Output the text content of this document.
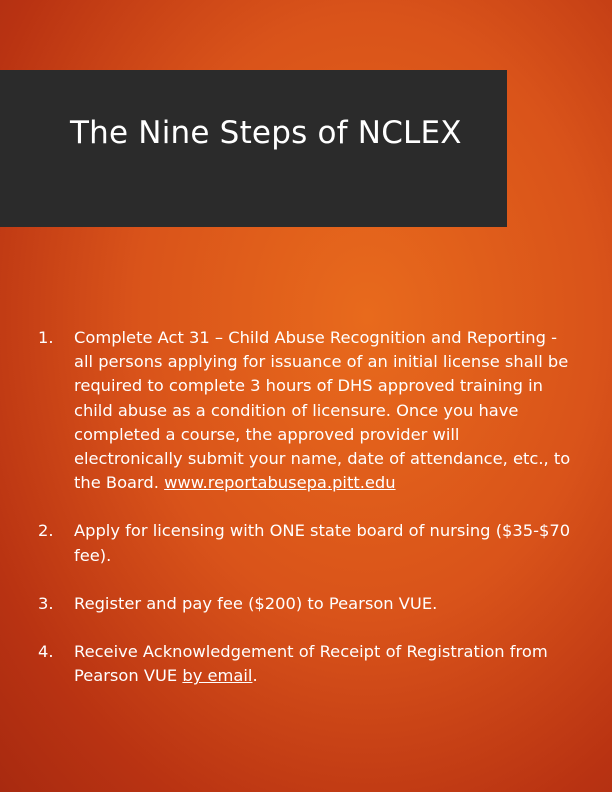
The Nine Steps of NCLEX
1. Complete Act 31 – Child Abuse Recognition and Reporting - all persons applying for issuance of an initial license shall be required to complete 3 hours of DHS approved training in child abuse as a condition of licensure. Once you have completed a course, the approved provider will electronically submit your name, date of attendance, etc., to the Board. www.reportabusepa.pitt.edu
2. Apply for licensing with ONE state board of nursing ($35-$70 fee).
3. Register and pay fee ($200) to Pearson VUE.
4. Receive Acknowledgement of Receipt of Registration from Pearson VUE by email.
